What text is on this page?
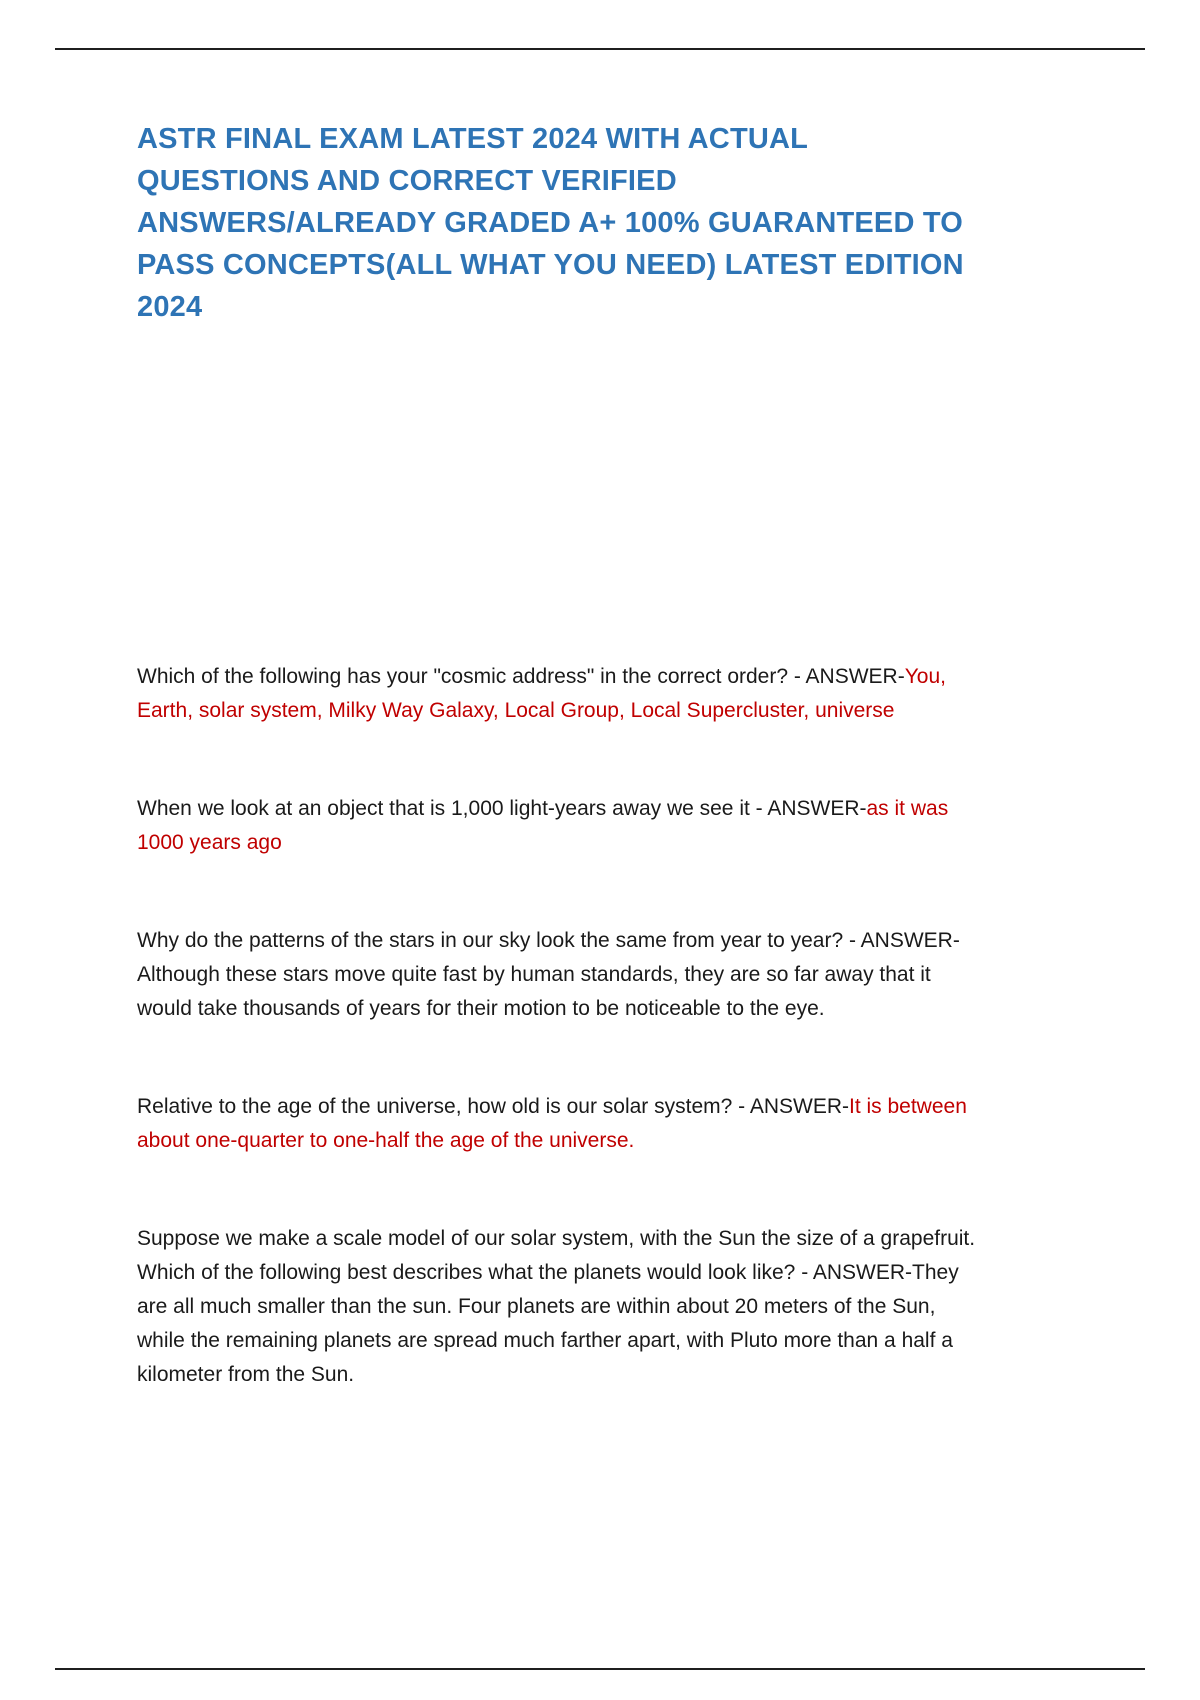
ASTR FINAL EXAM LATEST 2024 WITH ACTUAL QUESTIONS AND CORRECT VERIFIED ANSWERS/ALREADY GRADED A+ 100% GUARANTEED TO PASS CONCEPTS(ALL WHAT YOU NEED) LATEST EDITION 2024

Which of the following has your "cosmic address" in the correct order? - ANSWER-You, Earth, solar system, Milky Way Galaxy, Local Group, Local Supercluster, universe

When we look at an object that is 1,000 light-years away we see it - ANSWER-as it was 1000 years ago

Why do the patterns of the stars in our sky look the same from year to year? - ANSWER-Although these stars move quite fast by human standards, they are so far away that it would take thousands of years for their motion to be noticeable to the eye.

Relative to the age of the universe, how old is our solar system? - ANSWER-It is between about one-quarter to one-half the age of the universe.

Suppose we make a scale model of our solar system, with the Sun the size of a grapefruit. Which of the following best describes what the planets would look like? - ANSWER-They are all much smaller than the sun. Four planets are within about 20 meters of the Sun, while the remaining planets are spread much farther apart, with Pluto more than a half a kilometer from the Sun.
